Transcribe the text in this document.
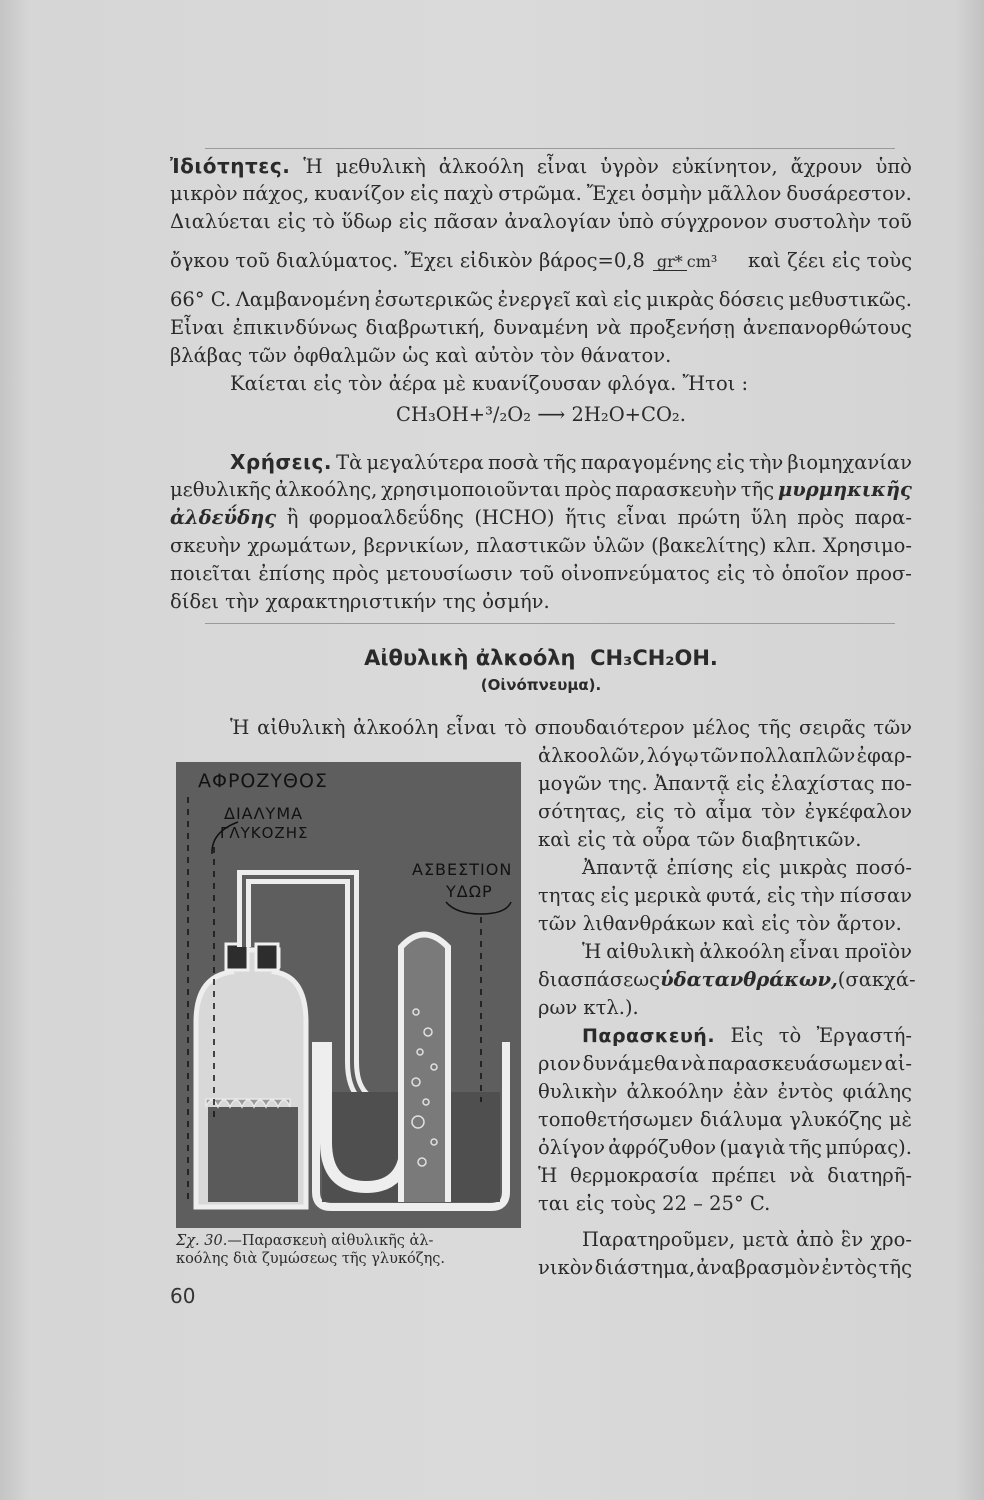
Ἰδιότητες. Ἡ μεθυλικὴ ἀλκοόλη εἶναι ὑγρὸν εὐκίνητον, ἄχρουν ὑπὸ
μικρὸν πάχος, κυανίζον εἰς παχὺ στρῶμα. Ἔχει ὀσμὴν μᾶλλον δυσάρεστον.
Διαλύεται εἰς τὸ ὕδωρ εἰς πᾶσαν ἀναλογίαν ὑπὸ σύγχρονον συστολὴν τοῦ
ὄγκου τοῦ διαλύματος. Ἔχει εἰδικὸν βάρος=0,8 gr* cm³	καὶ ζέει εἰς τοὺς
66° C. Λαμβανομένη ἐσωτερικῶς ἐνεργεῖ καὶ εἰς μικρὰς δόσεις μεθυστικῶς.
Εἶναι ἐπικινδύνως διαβρωτική, δυναμένη νὰ προξενήσῃ ἀνεπανορθώτους
βλάβας τῶν ὀφθαλμῶν ὡς καὶ αὐτὸν τὸν θάνατον.
Καίεται εἰς τὸν ἀέρα μὲ κυανίζουσαν φλόγα. Ἤτοι :
CH₃OH+³/₂O₂ ⟶ 2H₂O+CO₂.
Χρήσεις. Τὰ μεγαλύτερα ποσὰ τῆς παραγομένης εἰς τὴν βιομηχανίαν
μεθυλικῆς ἀλκοόλης, χρησιμοποιοῦνται πρὸς παρασκευὴν τῆς μυρμηκικῆς
ἀλδεΰδης ἢ φορμοαλδεΰδης (HCHO) ἥτις εἶναι πρώτη ὕλη πρὸς παρα-
σκευὴν χρωμάτων, βερνικίων, πλαστικῶν ὑλῶν (βακελίτης) κλπ. Χρησιμο-
ποιεῖται ἐπίσης πρὸς μετουσίωσιν τοῦ οἰνοπνεύματος εἰς τὸ ὁποῖον προσ-
δίδει τὴν χαρακτηριστικήν της ὀσμήν.
Αἰθυλικὴ ἀλκοόλη CH₃CH₂OH.
(Οἰνόπνευμα).
Ἡ αἰθυλικὴ ἀλκοόλη εἶναι τὸ σπουδαιότερον μέλος τῆς σειρᾶς τῶν
ἀλκοολῶν, λόγῳ τῶν πολλαπλῶν ἐφαρ-
μογῶν της. Ἀπαντᾷ εἰς ἐλαχίστας πο-
σότητας, εἰς τὸ αἷμα τὸν ἐγκέφαλον
καὶ εἰς τὰ οὖρα τῶν διαβητικῶν.
Ἀπαντᾷ ἐπίσης εἰς μικρὰς ποσό-
τητας εἰς μερικὰ φυτά, εἰς τὴν πίσσαν
τῶν λιθανθράκων καὶ εἰς τὸν ἄρτον.
Ἡ αἰθυλικὴ ἀλκοόλη εἶναι προϊὸν
διασπάσεως ὑδατανθράκων, (σακχά-
ρων κτλ.).
Παρασκευή. Εἰς τὸ Ἐργαστή-
ριον δυνάμεθα νὰ παρασκευάσωμεν αἰ-
θυλικὴν ἀλκοόλην ἐὰν ἐντὸς φιάλης
τοποθετήσωμεν διάλυμα γλυκόζης μὲ
ὀλίγον ἀφρόζυθον (μαγιὰ τῆς μπύρας).
Ἡ θερμοκρασία πρέπει νὰ διατηρῆ-
ται εἰς τοὺς 22 – 25° C.
Παρατηροῦμεν, μετὰ ἀπὸ ἓν χρο-
νικὸν διάστημα, ἀναβρασμὸν ἐντὸς τῆς
ΑΦΡΟΖΥΘΟΣ
ΔΙΑΛΥΜΑ
ΓΛΥΚΟΖΗΣ
ΑΣΒΕΣΤΙΟΝ
ΥΔΩΡ
Σχ. 30.—Παρασκευὴ αἰθυλικῆς ἀλ-
κοόλης διὰ ζυμώσεως τῆς γλυκόζης.
60
